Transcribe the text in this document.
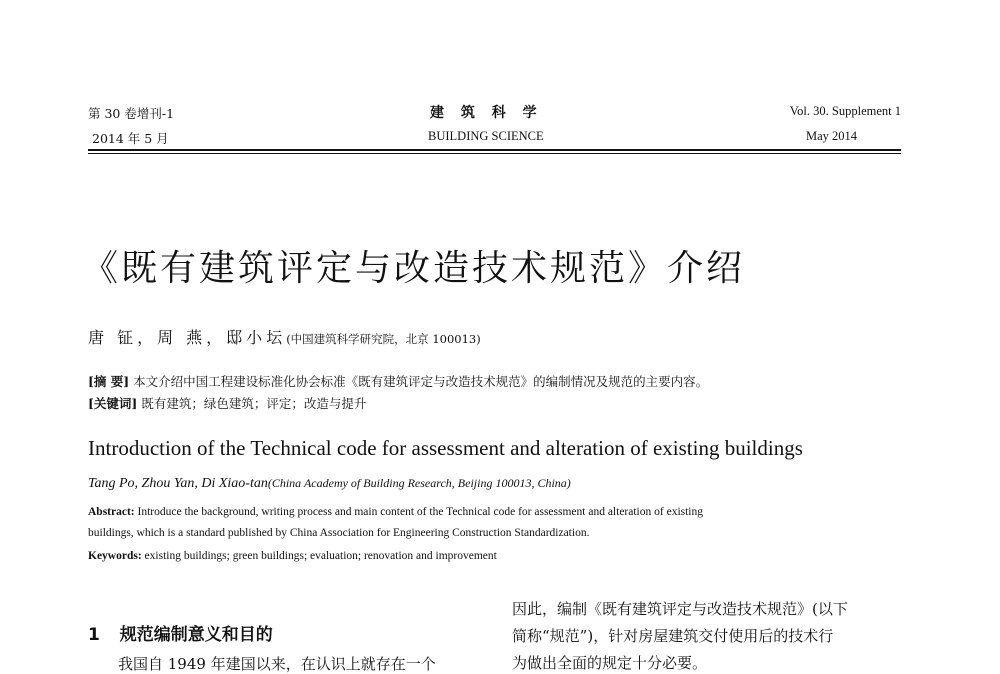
第 30 卷增刊-1
2014 年 5 月
建 筑 科 学
BUILDING SCIENCE
Vol. 30. Supplement 1
May 2014
《既有建筑评定与改造技术规范》介绍
唐 钲，周 燕，邸小坛(中国建筑科学研究院，北京 100013)
[摘 要] 本文介绍中国工程建设标准化协会标准《既有建筑评定与改造技术规范》的编制情况及规范的主要内容。
[关键词] 既有建筑；绿色建筑；评定；改造与提升
Introduction of the Technical code for assessment and alteration of existing buildings
Tang Po, Zhou Yan, Di Xiao-tan(China Academy of Building Research, Beijing 100013, China)
Abstract: Introduce the background, writing process and main content of the Technical code for assessment and alteration of existing
buildings, which is a standard published by China Association for Engineering Construction Standardization.
Keywords: existing buildings; green buildings; evaluation; renovation and improvement
1 规范编制意义和目的
我国自 1949 年建国以来，在认识上就存在一个
因此，编制《既有建筑评定与改造技术规范》(以下
简称“规范”)，针对房屋建筑交付使用后的技术行
为做出全面的规定十分必要。
